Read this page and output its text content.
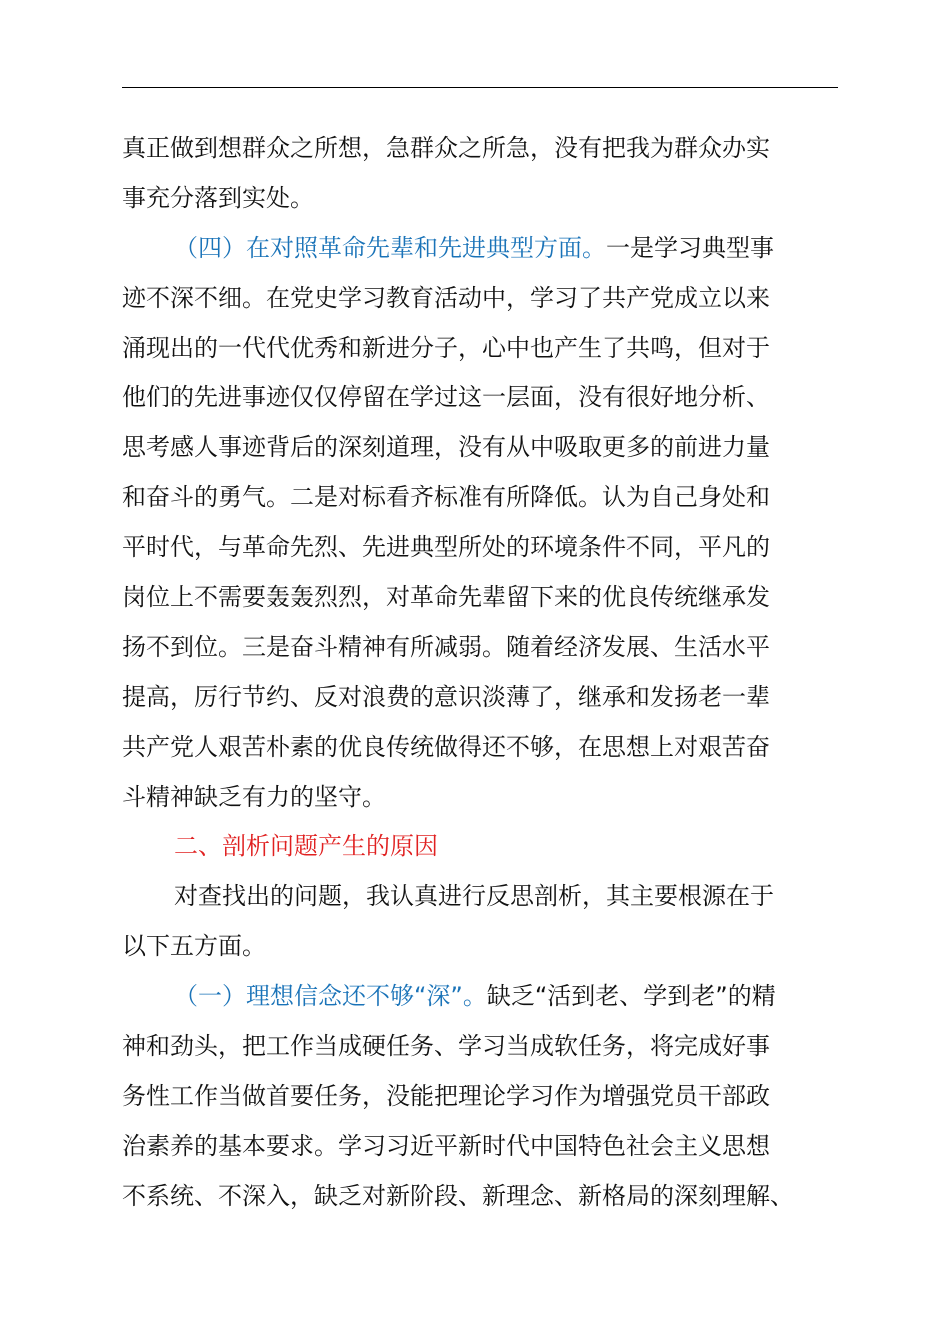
真正做到想群众之所想，急群众之所急，没有把我为群众办实
事充分落到实处。
（四）在对照革命先辈和先进典型方面。一是学习典型事
迹不深不细。在党史学习教育活动中，学习了共产党成立以来
涌现出的一代代优秀和新进分子，心中也产生了共鸣，但对于
他们的先进事迹仅仅停留在学过这一层面，没有很好地分析、
思考感人事迹背后的深刻道理，没有从中吸取更多的前进力量
和奋斗的勇气。二是对标看齐标准有所降低。认为自己身处和
平时代，与革命先烈、先进典型所处的环境条件不同，平凡的
岗位上不需要轰轰烈烈，对革命先辈留下来的优良传统继承发
扬不到位。三是奋斗精神有所减弱。随着经济发展、生活水平
提高，厉行节约、反对浪费的意识淡薄了，继承和发扬老一辈
共产党人艰苦朴素的优良传统做得还不够，在思想上对艰苦奋
斗精神缺乏有力的坚守。
二、剖析问题产生的原因
对查找出的问题，我认真进行反思剖析，其主要根源在于
以下五方面。
（一）理想信念还不够“深”。缺乏“活到老、学到老”的精
神和劲头，把工作当成硬任务、学习当成软任务，将完成好事
务性工作当做首要任务，没能把理论学习作为增强党员干部政
治素养的基本要求。学习习近平新时代中国特色社会主义思想
不系统、不深入，缺乏对新阶段、新理念、新格局的深刻理解、
